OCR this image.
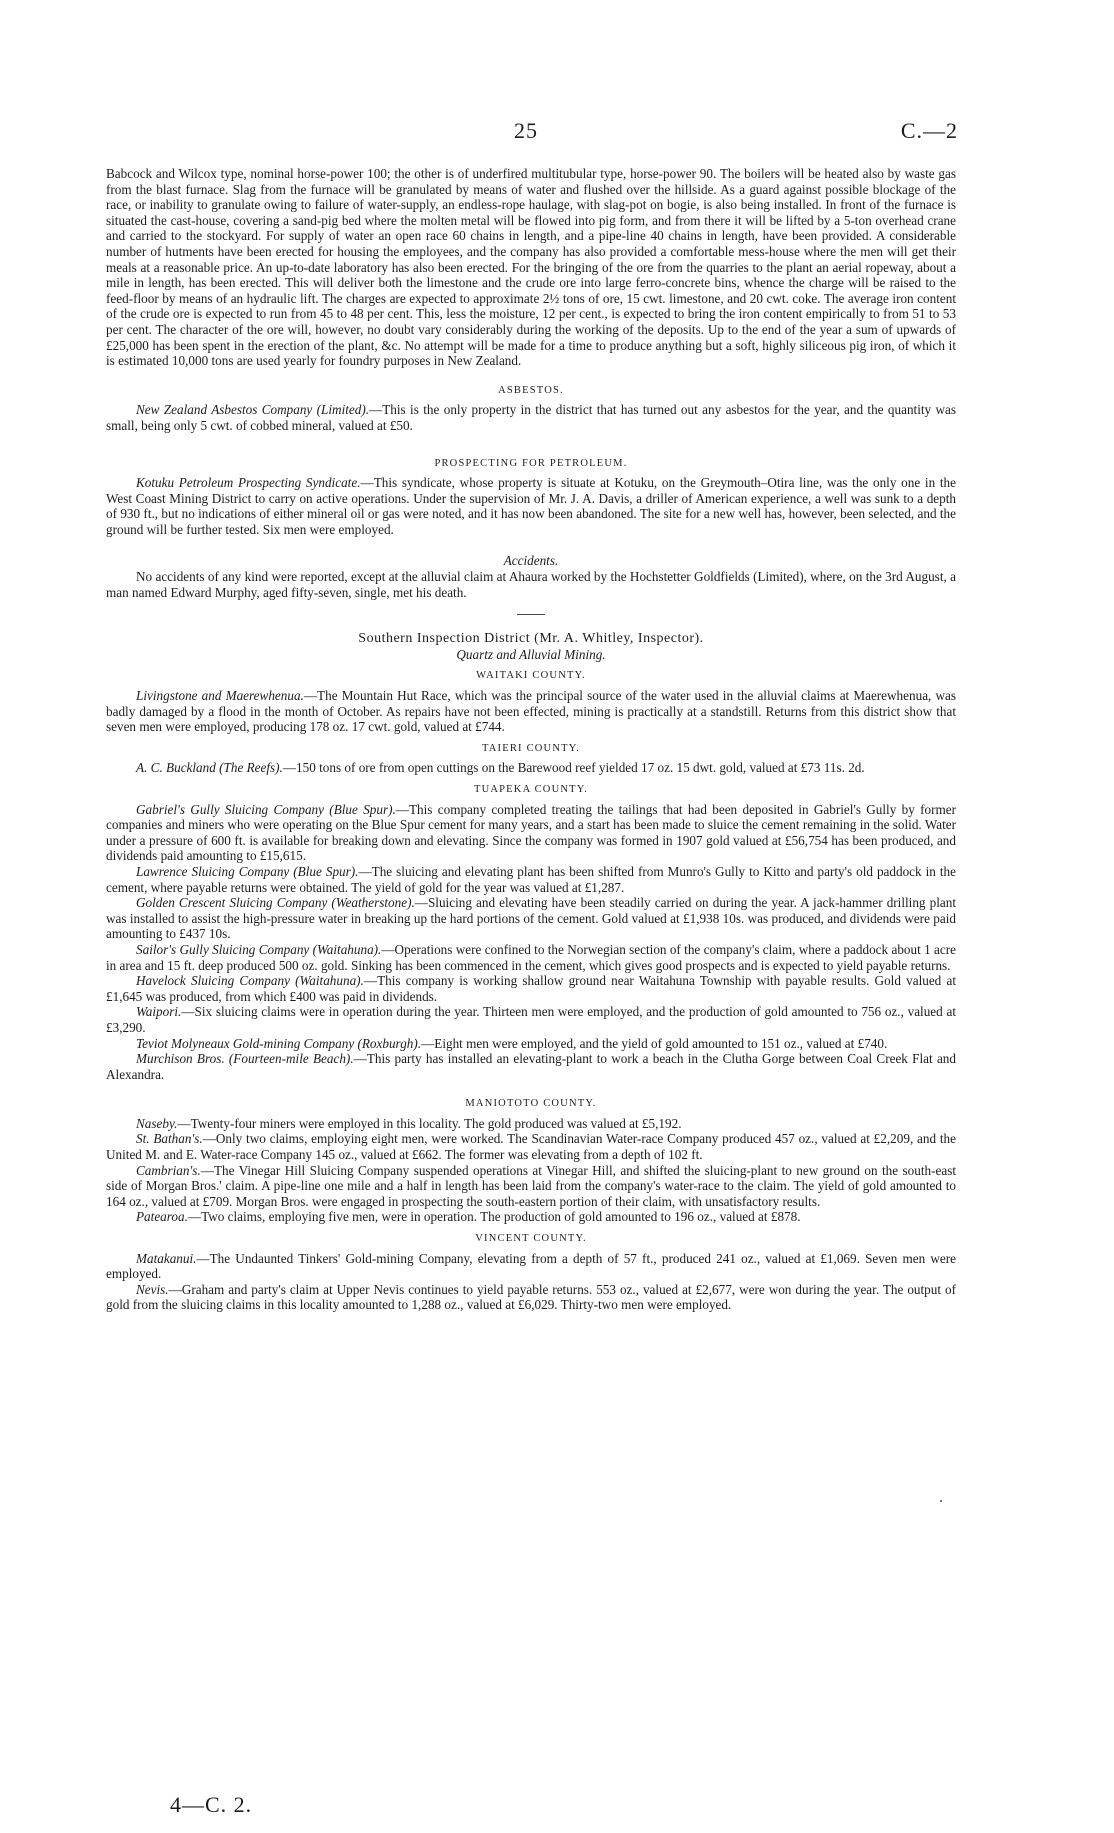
25	C.—2

Babcock and Wilcox type, nominal horse-power 100; the other is of underfired multitubular type, horse-power 90. The boilers will be heated also by waste gas from the blast furnace. Slag from the furnace will be granulated by means of water and flushed over the hillside. As a guard against possible blockage of the race, or inability to granulate owing to failure of water-supply, an endless-rope haulage, with slag-pot on bogie, is also being installed. In front of the furnace is situated the cast-house, covering a sand-pig bed where the molten metal will be flowed into pig form, and from there it will be lifted by a 5-ton overhead crane and carried to the stockyard. For supply of water an open race 60 chains in length, and a pipe-line 40 chains in length, have been provided. A considerable number of hutments have been erected for housing the employees, and the company has also provided a comfortable mess-house where the men will get their meals at a reasonable price. An up-to-date laboratory has also been erected. For the bringing of the ore from the quarries to the plant an aerial ropeway, about a mile in length, has been erected. This will deliver both the limestone and the crude ore into large ferro-concrete bins, whence the charge will be raised to the feed-floor by means of an hydraulic lift. The charges are expected to approximate 2½ tons of ore, 15 cwt. limestone, and 20 cwt. coke. The average iron content of the crude ore is expected to run from 45 to 48 per cent. This, less the moisture, 12 per cent., is expected to bring the iron content empirically to from 51 to 53 per cent. The character of the ore will, however, no doubt vary considerably during the working of the deposits. Up to the end of the year a sum of upwards of £25,000 has been spent in the erection of the plant, &c. No attempt will be made for a time to produce anything but a soft, highly siliceous pig iron, of which it is estimated 10,000 tons are used yearly for foundry purposes in New Zealand.

ASBESTOS.

New Zealand Asbestos Company (Limited).—This is the only property in the district that has turned out any asbestos for the year, and the quantity was small, being only 5 cwt. of cobbed mineral, valued at £50.

PROSPECTING FOR PETROLEUM.

Kotuku Petroleum Prospecting Syndicate.—This syndicate, whose property is situate at Kotuku, on the Greymouth–Otira line, was the only one in the West Coast Mining District to carry on active operations. Under the supervision of Mr. J. A. Davis, a driller of American experience, a well was sunk to a depth of 930 ft., but no indications of either mineral oil or gas were noted, and it has now been abandoned. The site for a new well has, however, been selected, and the ground will be further tested. Six men were employed.

Accidents.

No accidents of any kind were reported, except at the alluvial claim at Ahaura worked by the Hochstetter Goldfields (Limited), where, on the 3rd August, a man named Edward Murphy, aged fifty-seven, single, met his death.

Southern Inspection District (Mr. A. Whitley, Inspector).
Quartz and Alluvial Mining.
WAITAKI COUNTY.

Livingstone and Maerewhenua.—The Mountain Hut Race, which was the principal source of the water used in the alluvial claims at Maerewhenua, was badly damaged by a flood in the month of October. As repairs have not been effected, mining is practically at a standstill. Returns from this district show that seven men were employed, producing 178 oz. 17 cwt. gold, valued at £744.

TAIERI COUNTY.

A. C. Buckland (The Reefs).—150 tons of ore from open cuttings on the Barewood reef yielded 17 oz. 15 dwt. gold, valued at £73 11s. 2d.

TUAPEKA COUNTY.

Gabriel's Gully Sluicing Company (Blue Spur).—This company completed treating the tailings that had been deposited in Gabriel's Gully by former companies and miners who were operating on the Blue Spur cement for many years, and a start has been made to sluice the cement remaining in the solid. Water under a pressure of 600 ft. is available for breaking down and elevating. Since the company was formed in 1907 gold valued at £56,754 has been produced, and dividends paid amounting to £15,615.

Lawrence Sluicing Company (Blue Spur).—The sluicing and elevating plant has been shifted from Munro's Gully to Kitto and party's old paddock in the cement, where payable returns were obtained. The yield of gold for the year was valued at £1,287.

Golden Crescent Sluicing Company (Weatherstone).—Sluicing and elevating have been steadily carried on during the year. A jack-hammer drilling plant was installed to assist the high-pressure water in breaking up the hard portions of the cement. Gold valued at £1,938 10s. was produced, and dividends were paid amounting to £437 10s.

Sailor's Gully Sluicing Company (Waitahuna).—Operations were confined to the Norwegian section of the company's claim, where a paddock about 1 acre in area and 15 ft. deep produced 500 oz. gold. Sinking has been commenced in the cement, which gives good prospects and is expected to yield payable returns.

Havelock Sluicing Company (Waitahuna).—This company is working shallow ground near Waitahuna Township with payable results. Gold valued at £1,645 was produced, from which £400 was paid in dividends.

Waipori.—Six sluicing claims were in operation during the year. Thirteen men were employed, and the production of gold amounted to 756 oz., valued at £3,290.

Teviot Molyneaux Gold-mining Company (Roxburgh).—Eight men were employed, and the yield of gold amounted to 151 oz., valued at £740.

Murchison Bros. (Fourteen-mile Beach).—This party has installed an elevating-plant to work a beach in the Clutha Gorge between Coal Creek Flat and Alexandra.

MANIOTOTO COUNTY.

Naseby.—Twenty-four miners were employed in this locality. The gold produced was valued at £5,192.

St. Bathan's.—Only two claims, employing eight men, were worked. The Scandinavian Water-race Company produced 457 oz., valued at £2,209, and the United M. and E. Water-race Company 145 oz., valued at £662. The former was elevating from a depth of 102 ft.

Cambrian's.—The Vinegar Hill Sluicing Company suspended operations at Vinegar Hill, and shifted the sluicing-plant to new ground on the south-east side of Morgan Bros.' claim. A pipe-line one mile and a half in length has been laid from the company's water-race to the claim. The yield of gold amounted to 164 oz., valued at £709. Morgan Bros. were engaged in prospecting the south-eastern portion of their claim, with unsatisfactory results.

Patearoa.—Two claims, employing five men, were in operation. The production of gold amounted to 196 oz., valued at £878.

VINCENT COUNTY.

Matakanui.—The Undaunted Tinkers' Gold-mining Company, elevating from a depth of 57 ft., produced 241 oz., valued at £1,069. Seven men were employed.

Nevis.—Graham and party's claim at Upper Nevis continues to yield payable returns. 553 oz., valued at £2,677, were won during the year. The output of gold from the sluicing claims in this locality amounted to 1,288 oz., valued at £6,029. Thirty-two men were employed.

4—C. 2.
